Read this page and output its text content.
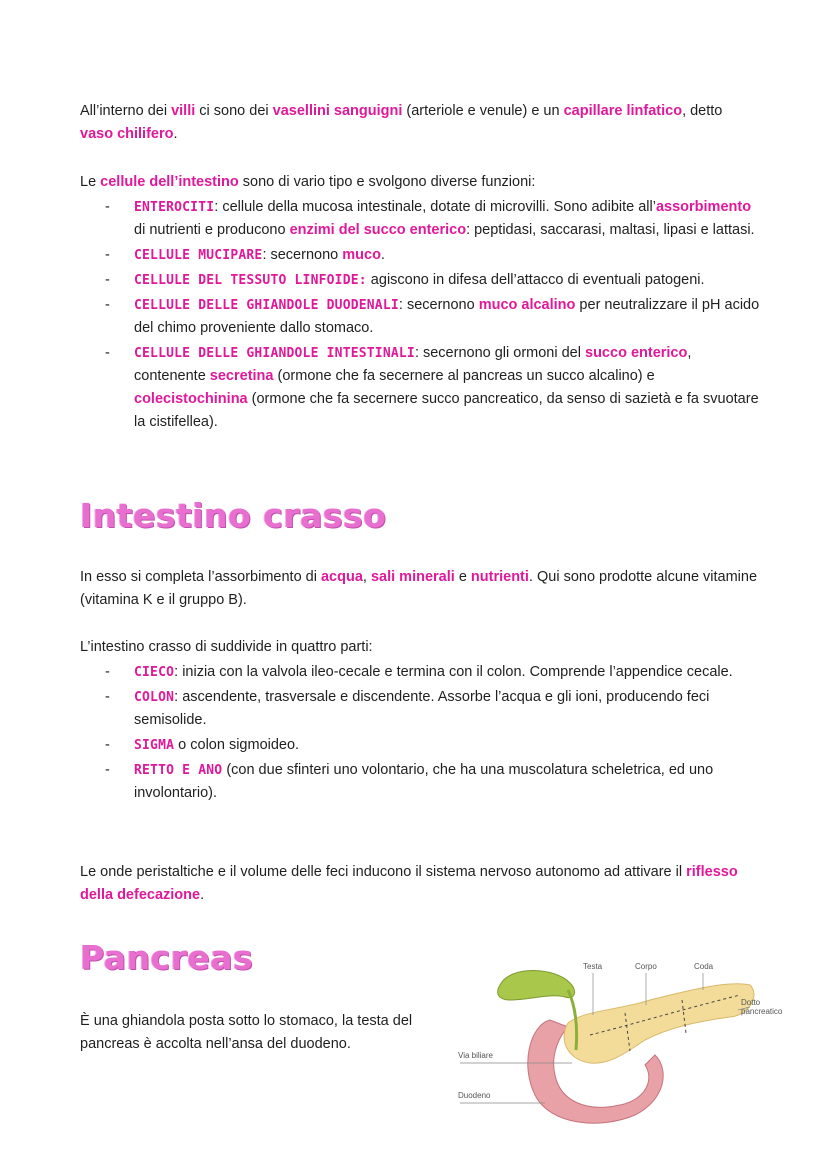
All’interno dei villi ci sono dei vasellini sanguigni (arteriole e venule) e un capillare linfatico, detto
vaso chilifero.

Le cellule dell’intestino sono di vario tipo e svolgono diverse funzioni:

- ENTEROCITI: cellule della mucosa intestinale, dotate di microvilli. Sono adibite all’assorbimento di nutrienti e producono enzimi del succo enterico: peptidasi, saccarasi, maltasi, lipasi e lattasi.
- CELLULE MUCIPARE: secernono muco.
- CELLULE DEL TESSUTO LINFOIDE: agiscono in difesa dell’attacco di eventuali patogeni.
- CELLULE DELLE GHIANDOLE DUODENALI: secernono muco alcalino per neutralizzare il pH acido del chimo proveniente dallo stomaco.
- CELLULE DELLE GHIANDOLE INTESTINALI: secernono gli ormoni del succo enterico, contenente secretina (ormone che fa secernere al pancreas un succo alcalino) e colecistochinina (ormone che fa secernere succo pancreatico, da senso di sazietà e fa svuotare la cistifellea).
Intestino crasso

In esso si completa l’assorbimento di acqua, sali minerali e nutrienti. Qui sono prodotte alcune vitamine (vitamina K e il gruppo B).

L’intestino crasso di suddivide in quattro parti:

- CIECO: inizia con la valvola ileo-cecale e termina con il colon. Comprende l’appendice cecale.
- COLON: ascendente, trasversale e discendente. Assorbe l’acqua e gli ioni, producendo feci semisolide.
- SIGMA o colon sigmoideo.
- RETTO E ANO (con due sfinteri uno volontario, che ha una muscolatura scheletrica, ed uno involontario).

Le onde peristaltiche e il volume delle feci inducono il sistema nervoso autonomo ad attivare il riflesso della defecazione.

Pancreas

È una ghiandola posta sotto lo stomaco, la testa del pancreas è accolta nell’ansa del duodeno.

Testa	Corpo	Coda
Dotto
pancreatico
Via biliare
Duodeno
